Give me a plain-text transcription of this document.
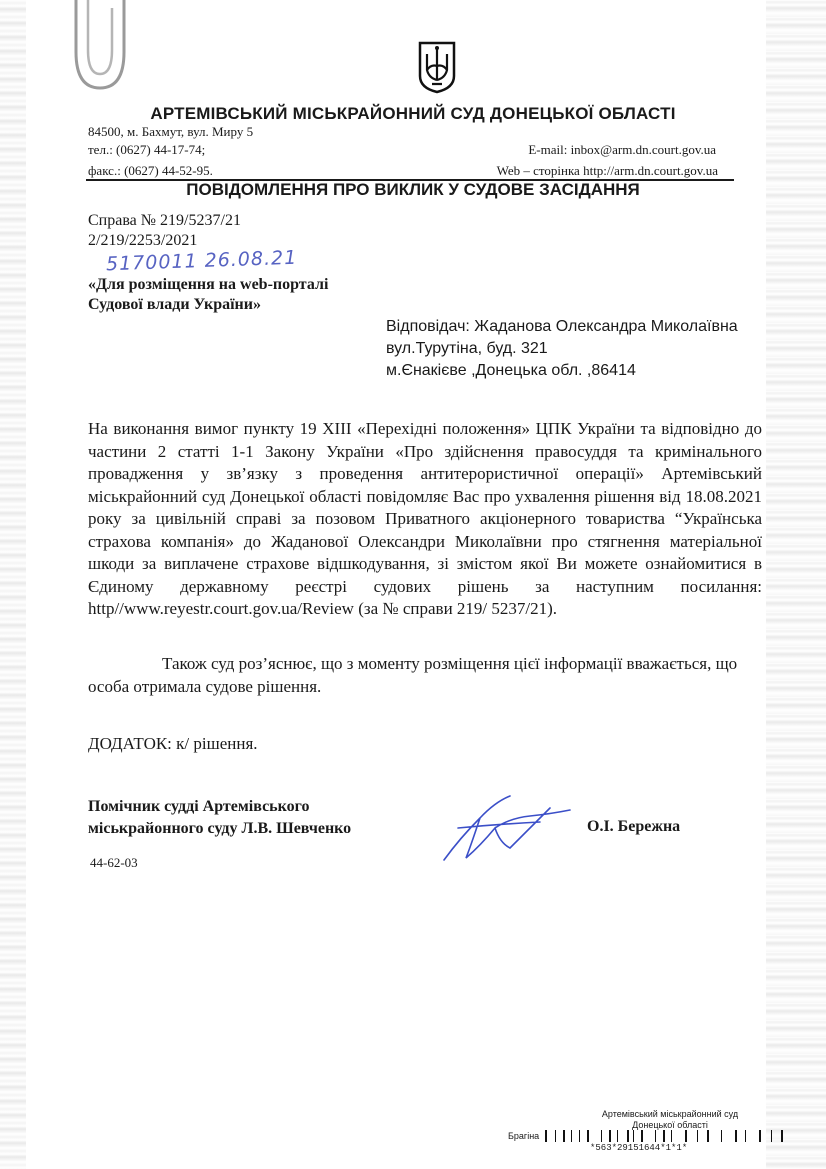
АРТЕМІВСЬКИЙ МІСЬКРАЙОННИЙ СУД ДОНЕЦЬКОЇ ОБЛАСТІ
84500, м. Бахмут, вул. Миру 5
тел.: (0627) 44-17-74;
факс.: (0627) 44-52-95.
E-mail: inbox@arm.dn.court.gov.ua
Web – сторінка http://arm.dn.court.gov.ua
ПОВІДОМЛЕННЯ ПРО ВИКЛИК У СУДОВЕ ЗАСІДАННЯ
Справа № 219/5237/21
2/219/2253/2021
5170011 26.08.21
«Для розміщення на web-порталі
Судової влади України»
Відповідач: Жаданова Олександра Миколаївна
вул.Турутіна, буд. 321
м.Єнакієве ,Донецька обл. ,86414

На виконання вимог пункту 19 XIII «Перехідні положення» ЦПК України та відповідно до частини 2 статті 1-1 Закону України «Про здійснення правосуддя та кримінального провадження у зв’язку з проведення антитерористичної операції» Артемівський міськрайонний суд Донецької області повідомляє Вас про ухвалення рішення від 18.08.2021 року за цивільній справі за позовом Приватного акціонерного товариства “Українська страхова компанія» до Жаданової Олександри Миколаївни про стягнення матеріальної шкоди за виплачене страхове відшкодування, зі змістом якої Ви можете ознайомитися в Єдиному державному реєстрі судових рішень за наступним посилання: http//www.reyestr.court.gov.ua/Review (за № справи 219/ 5237/21).

Також суд роз’яснює, що з моменту розміщення цієї інформації вважається, що особа отримала судове рішення.
ДОДАТОК: к/ рішення.
Помічник судді Артемівського
міськрайонного суду Л.В. Шевченко	О.І. Бережна
44-62-03
Артемівський міськрайонний суд
Донецької області
Брагіна
*563*29151644*1*1*
